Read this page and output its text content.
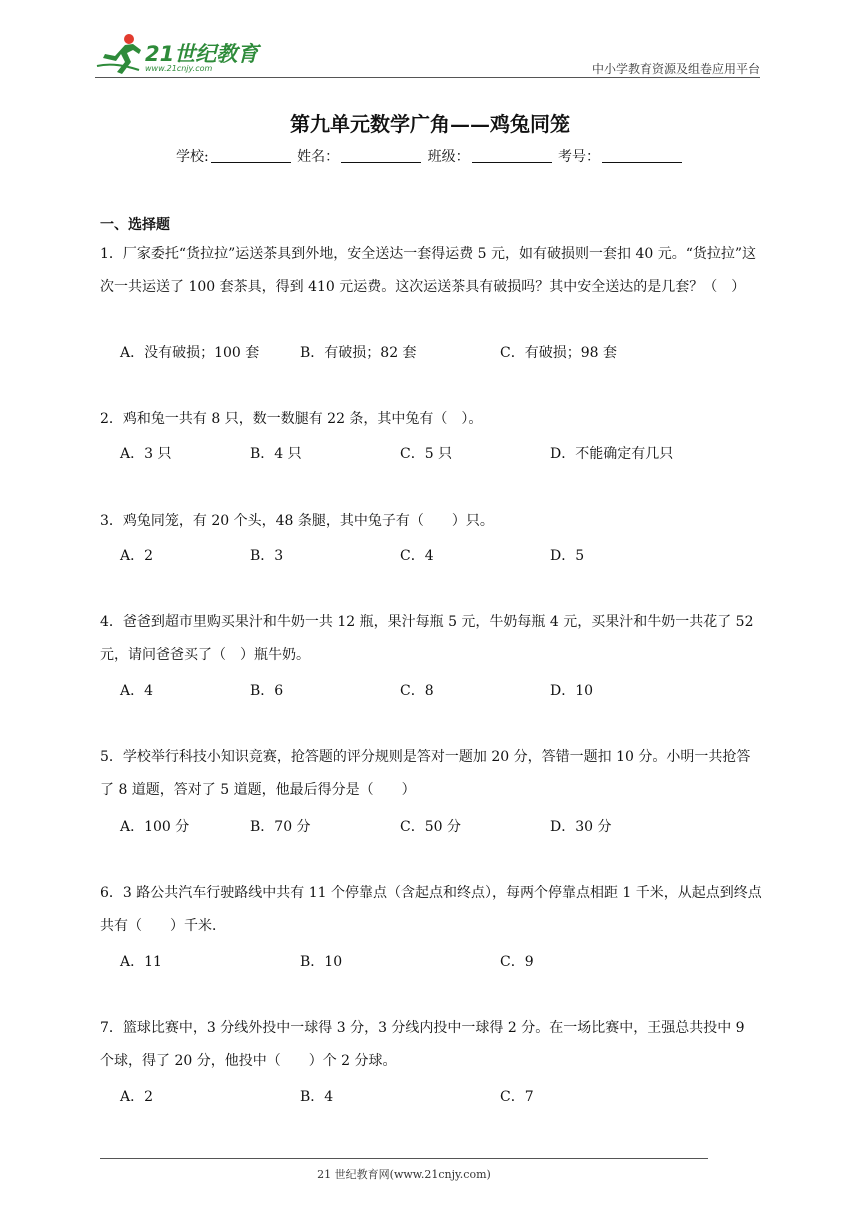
21世纪教育
www.21cnjy.com	中小学教育资源及组卷应用平台
第九单元数学广角——鸡兔同笼
学校:	姓名：	班级：	考号：
一、选择题
1．厂家委托“货拉拉”运送茶具到外地，安全送达一套得运费 5 元，如有破损则一套扣 40 元。“货拉拉”这次一共运送了 100 套茶具，得到 410 元运费。这次运送茶具有破损吗？其中安全送达的是几套？（　）
A．没有破损；100 套	B．有破损；82 套	C．有破损；98 套
2．鸡和兔一共有 8 只，数一数腿有 22 条，其中兔有（　）。
A．3 只	B．4 只	C．5 只	D．不能确定有几只
3．鸡兔同笼，有 20 个头，48 条腿，其中兔子有（　　）只。
A．2	B．3	C．4	D．5
4．爸爸到超市里购买果汁和牛奶一共 12 瓶，果汁每瓶 5 元，牛奶每瓶 4 元，买果汁和牛奶一共花了 52 元，请问爸爸买了（　）瓶牛奶。
A．4	B．6	C．8	D．10
5．学校举行科技小知识竞赛，抢答题的评分规则是答对一题加 20 分，答错一题扣 10 分。小明一共抢答了 8 道题，答对了 5 道题，他最后得分是（　　）
A．100 分	B．70 分	C．50 分	D．30 分
6．3 路公共汽车行驶路线中共有 11 个停靠点（含起点和终点），每两个停靠点相距 1 千米，从起点到终点共有（　　）千米．
A．11	B．10	C．9
7．篮球比赛中，3 分线外投中一球得 3 分，3 分线内投中一球得 2 分。在一场比赛中，王强总共投中 9 个球，得了 20 分，他投中（　　）个 2 分球。
A．2	B．4	C．7
21 世纪教育网(www.21cnjy.com)
